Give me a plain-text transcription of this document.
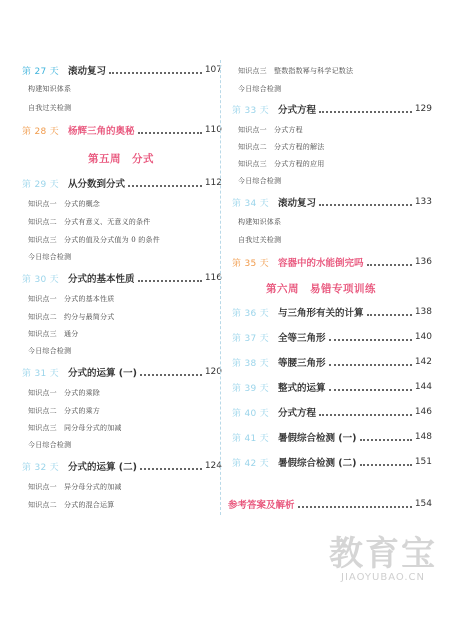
第 27 天 滚动复习	107
构建知识体系
自我过关检测
第 28 天 杨辉三角的奥秘	110
第五周　分式
第 29 天 从分数到分式	112
知识点一　分式的概念
知识点二　分式有意义、无意义的条件
知识点三　分式的值及分式值为 0 的条件
今日综合检测
第 30 天 分式的基本性质	116
知识点一　分式的基本性质
知识点二　约分与最简分式
知识点三　通分
今日综合检测
第 31 天 分式的运算 (一)	120
知识点一　分式的乘除
知识点二　分式的乘方
知识点三　同分母分式的加减
今日综合检测
第 32 天 分式的运算 (二)	124
知识点一　异分母分式的加减
知识点二　分式的混合运算
知识点三　整数指数幂与科学记数法
今日综合检测
第 33 天 分式方程	129
知识点一　分式方程
知识点二　分式方程的解法
知识点三　分式方程的应用
今日综合检测
第 34 天 滚动复习	133
构建知识体系
自我过关检测
第 35 天 容器中的水能倒完吗	136
第六周　易错专项训练
第 36 天 与三角形有关的计算	138
第 37 天 全等三角形	140
第 38 天 等腰三角形	142
第 39 天 整式的运算	144
第 40 天 分式方程	146
第 41 天 暑假综合检测 (一)	148
第 42 天 暑假综合检测 (二)	151
参考答案及解析	154
教育宝
JIAOYUBAO.CN
